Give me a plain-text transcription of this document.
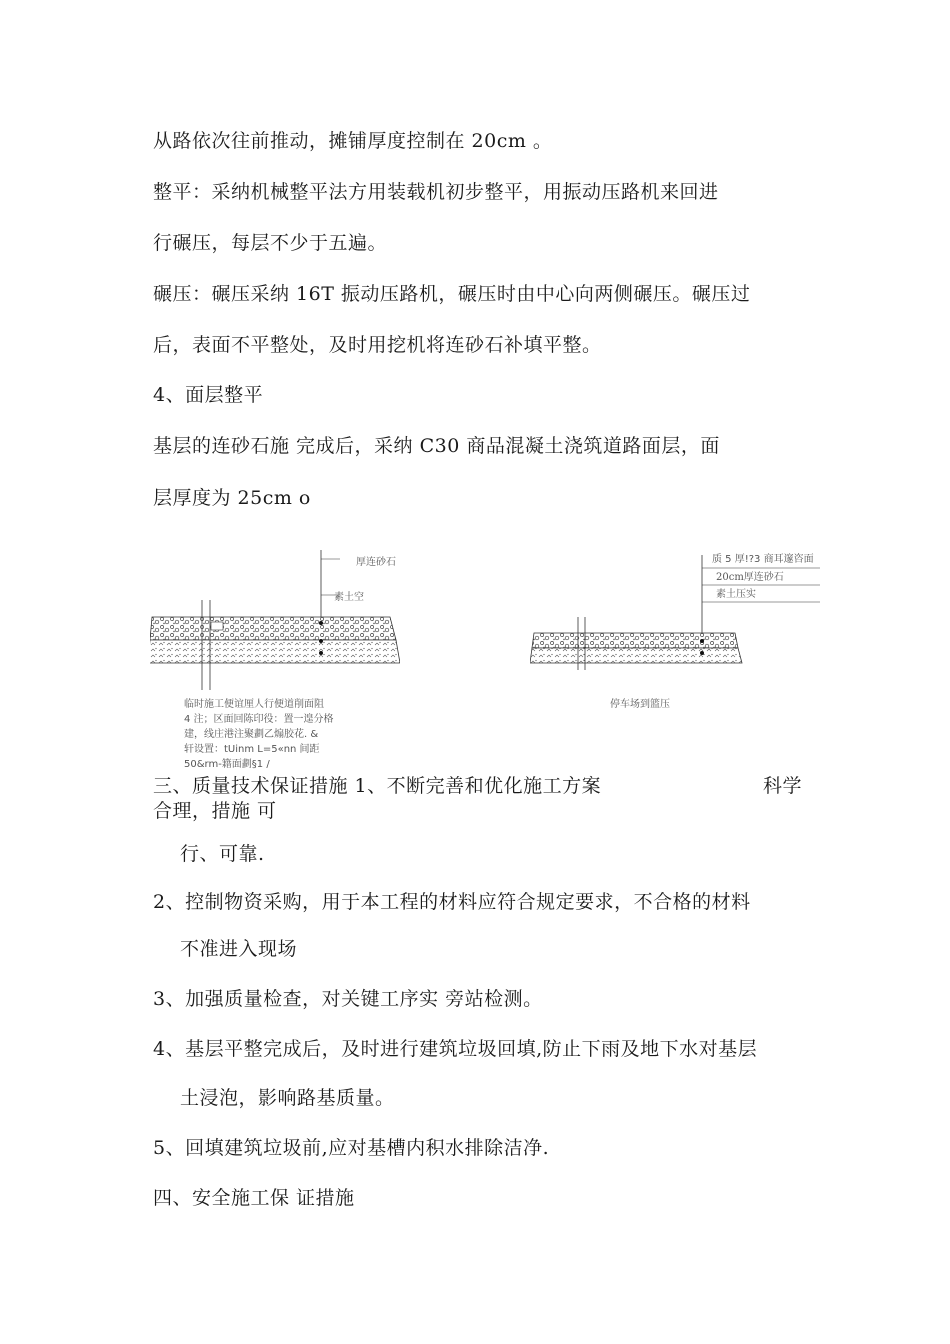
从路依次往前推动，摊铺厚度控制在 20cm 。
整平：采纳机械整平法方用装载机初步整平，用振动压路机来回进
行碾压，每层不少于五遍。
碾压：碾压采纳 16T 振动压路机，碾压时由中心向两侧碾压。碾压过
后，表面不平整处，及时用挖机将连砂石补填平整。
4、面层整平
基层的连砂石施 完成后，采纳 C30 商品混凝土浇筑道路面层，面
层厚度为 25cm o
厚连砂石
素土空
临时施工便谊厘人行便道削面阻
4 注；区面回陈印役：置一遑分格
建，线庄港注聚劃乙煽胶花. &
轩设置：tUinm L=5«nn 间距
50&rm-籍面劃§1 /
质 5 厚!?3 商耳邃咨面
20cm厚连砂石
素土压实
停车场到篮压
三、质量技术保证措施 1、不断完善和优化施工方案	科学
合理，措施 可
行、可靠.
2、控制物资采购，用于本工程的材料应符合规定要求，不合格的材料
不准进入现场
3、加强质量检查，对关键工序实 旁站检测。
4、基层平整完成后，及时进行建筑垃圾回填,防止下雨及地下水对基层
土浸泡，影响路基质量。
5、回填建筑垃圾前,应对基槽内积水排除洁净.
四、安全施工保 证措施
